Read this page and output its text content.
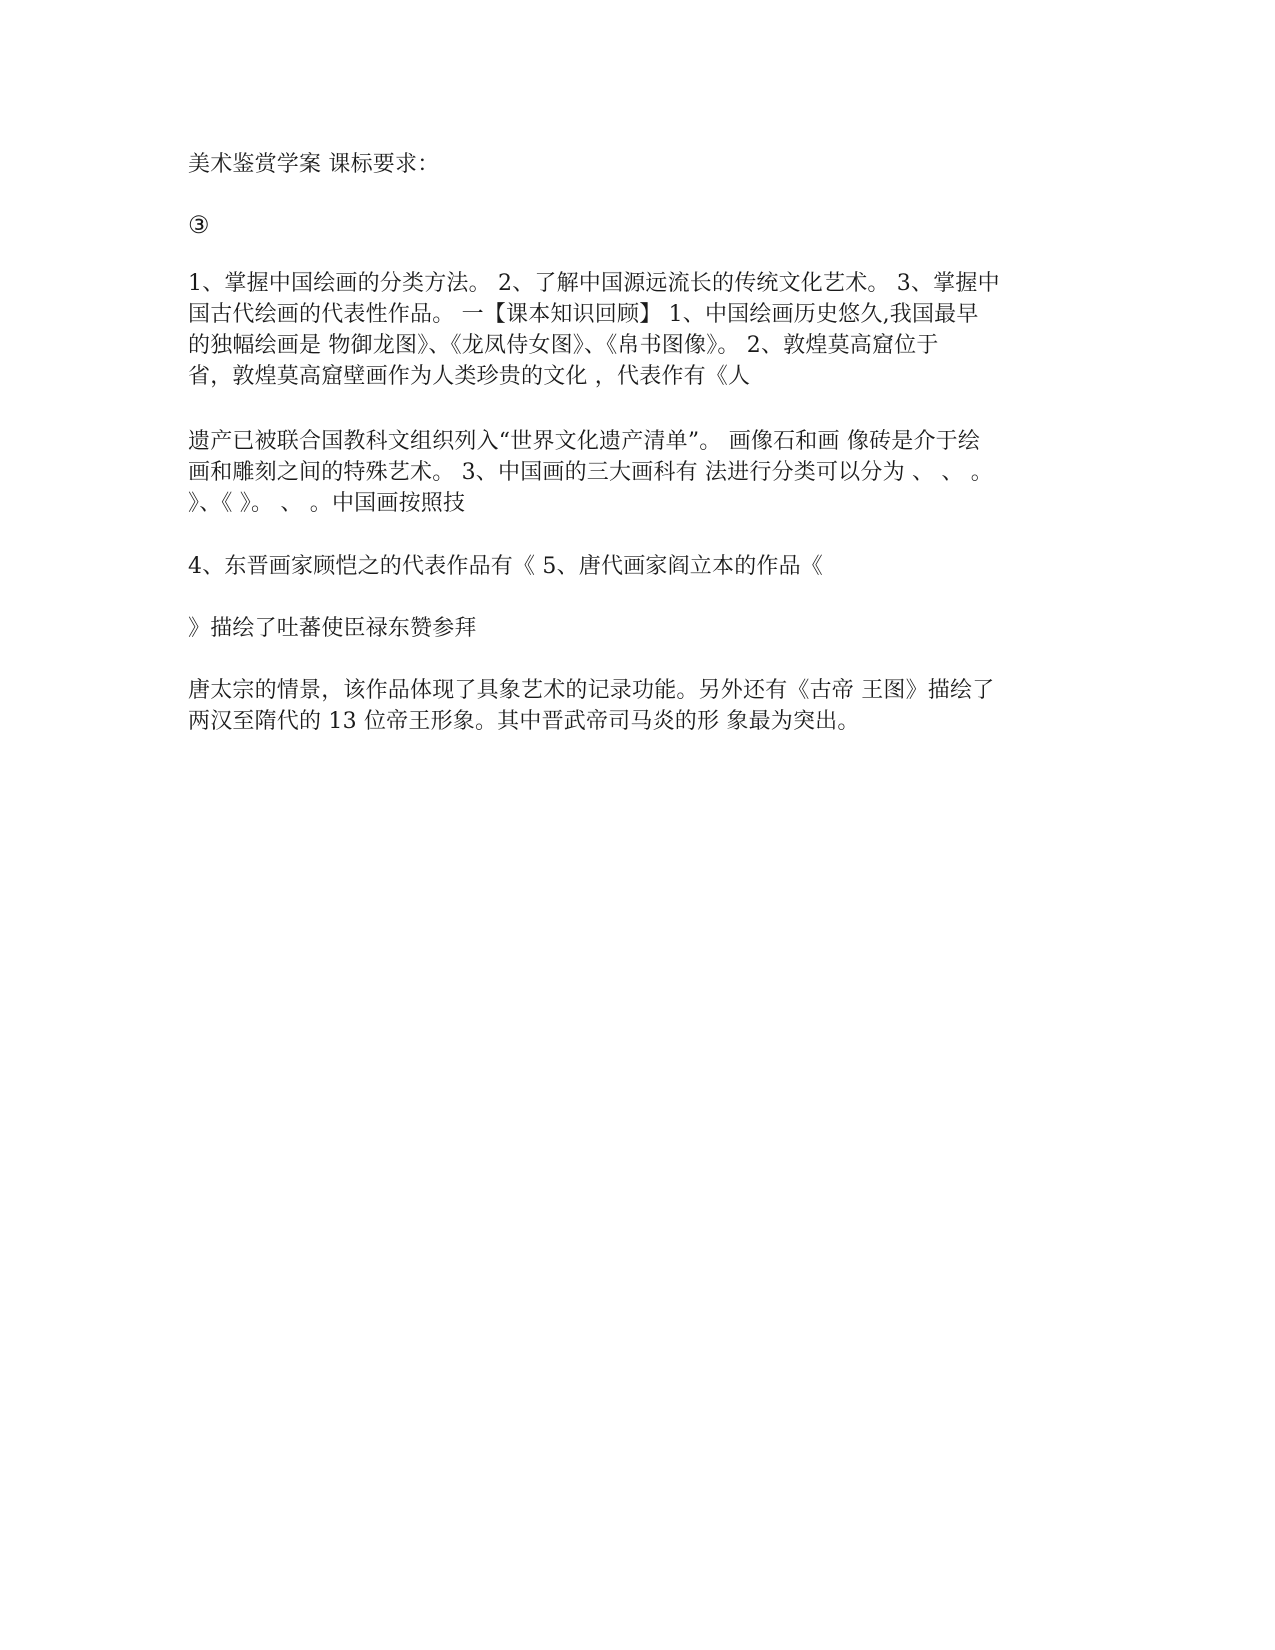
美术鉴赏学案 课标要求：
③
1、掌握中国绘画的分类方法。 2、了解中国源远流长的传统文化艺术。 3、掌握中
国古代绘画的代表性作品。 一【课本知识回顾】 1、中国绘画历史悠久,我国最早
的独幅绘画是 物御龙图》、《龙凤侍女图》、《帛书图像》。 2、敦煌莫高窟位于
省，敦煌莫高窟壁画作为人类珍贵的文化 ，代表作有《人
遗产已被联合国教科文组织列入“世界文化遗产清单”。 画像石和画 像砖是介于绘
画和雕刻之间的特殊艺术。 3、中国画的三大画科有 法进行分类可以分为 、 、 。
》、《 》。 、 。中国画按照技
4、东晋画家顾恺之的代表作品有《 5、唐代画家阎立本的作品《
》描绘了吐蕃使臣禄东赞参拜
唐太宗的情景，该作品体现了具象艺术的记录功能。另外还有《古帝 王图》描绘了
两汉至隋代的 13 位帝王形象。其中晋武帝司马炎的形 象最为突出。
